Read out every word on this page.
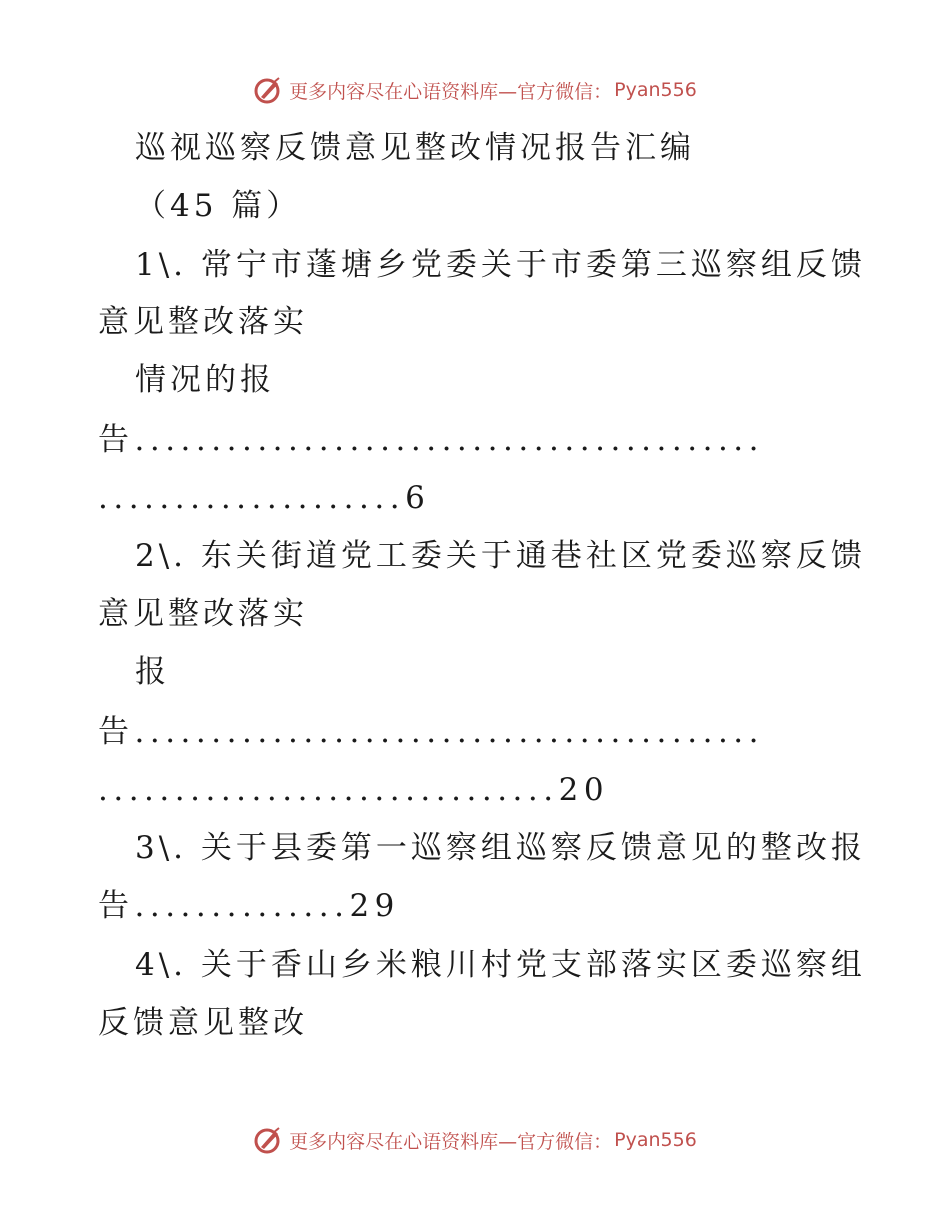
更多内容尽在心语资料库—官方微信： Pyan556
巡视巡察反馈意见整改情况报告汇编
（45 篇）
1\. 常宁市蓬塘乡党委关于市委第三巡察组反馈
意见整改落实
情况的报
告.........................................
....................6
2\. 东关街道党工委关于通巷社区党委巡察反馈
意见整改落实
报
告.........................................
..............................20
3\. 关于县委第一巡察组巡察反馈意见的整改报
告..............29
4\. 关于香山乡米粮川村党支部落实区委巡察组
反馈意见整改
更多内容尽在心语资料库—官方微信： Pyan556
